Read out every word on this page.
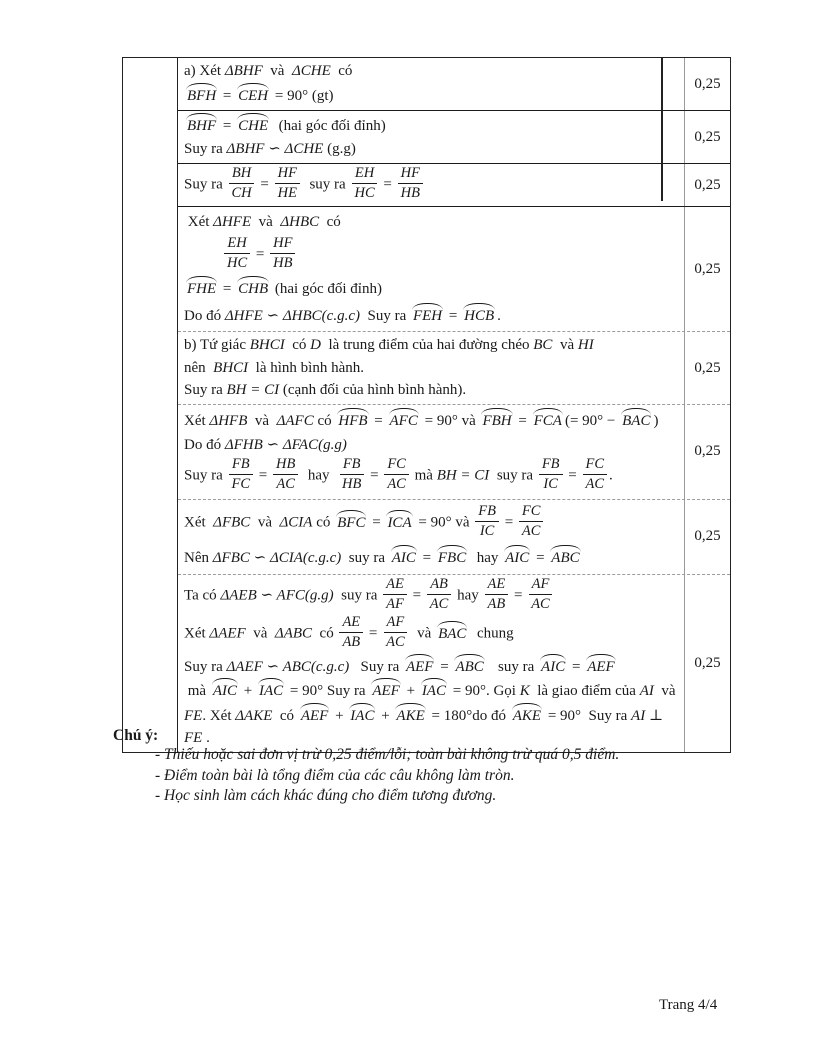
a) Xét ΔBHF  và  ΔCHE  có
BFH = CEH = 90° (gt)
0,25
BHF = CHE  (hai góc đối đỉnh)
Suy ra ΔBHF ∽ ΔCHE (g.g)
0,25
Suy ra $\frac{BH}{CH} = \frac{HF}{HE}$ suy ra $\frac{EH}{HC} = \frac{HF}{HB}$	0,25
Xét ΔHFE  và  ΔHBC  có
$\frac{EH}{HC} = \frac{HF}{HB}$
FHE = CHB (hai góc đối đỉnh)
Do đó ΔHFE ∽ ΔHBC(c.g.c)  Suy ra FEH = HCB .
0,25
b) Tứ giác BHCI  có D  là trung điểm của hai đường chéo BC  và HI
nên  BHCI  là hình bình hành.
Suy ra BH = CI (cạnh đối của hình bình hành).
0,25
Xét ΔHFB  và  ΔAFC có HFB = AFC = 90° và FBH = FCA (= 90° − BAC )
Do đó ΔFHB ∽ ΔFAC(g.g)
Suy ra $\frac{FB}{FC} = \frac{HB}{AC}$ hay $\frac{FB}{HB} = \frac{FC}{AC}$ mà BH = CI  suy ra $\frac{FB}{IC} = \frac{FC}{AC}$ .
0,25
Xét  ΔFBC  và  ΔCIA có BFC = ICA = 90° và $\frac{FB}{IC} = \frac{FC}{AC}$
Nên ΔFBC ∽ ΔCIA(c.g.c)  suy ra AIC = FBC  hay AIC = ABC
0,25
Ta có ΔAEB ∽ AFC(g.g)  suy ra $\frac{AE}{AF} = \frac{AB}{AC}$ hay $\frac{AE}{AB} = \frac{AF}{AC}$
Xét ΔAEF  và  ΔABC  có $\frac{AE}{AB} = \frac{AF}{AC}$ và BAC  chung
Suy ra ΔAEF ∽ ABC(c.g.c)   Suy ra AEF = ABC   suy ra AIC = AEF
mà AIC + IAC = 90° Suy ra AEF + IAC = 90°. Gọi K  là giao điểm của AI  và
FE. Xét ΔAKE  có AEF + IAC + AKE = 180°do đó AKE = 90°  Suy ra AI ⊥ FE .
0,25
Chú ý:
- Thiếu hoặc sai đơn vị trừ 0,25 điểm/lỗi; toàn bài không trừ quá 0,5 điểm.
- Điểm toàn bài là tổng điểm của các câu không làm tròn.
- Học sinh làm cách khác đúng cho điểm tương đương.
Trang 4/4
